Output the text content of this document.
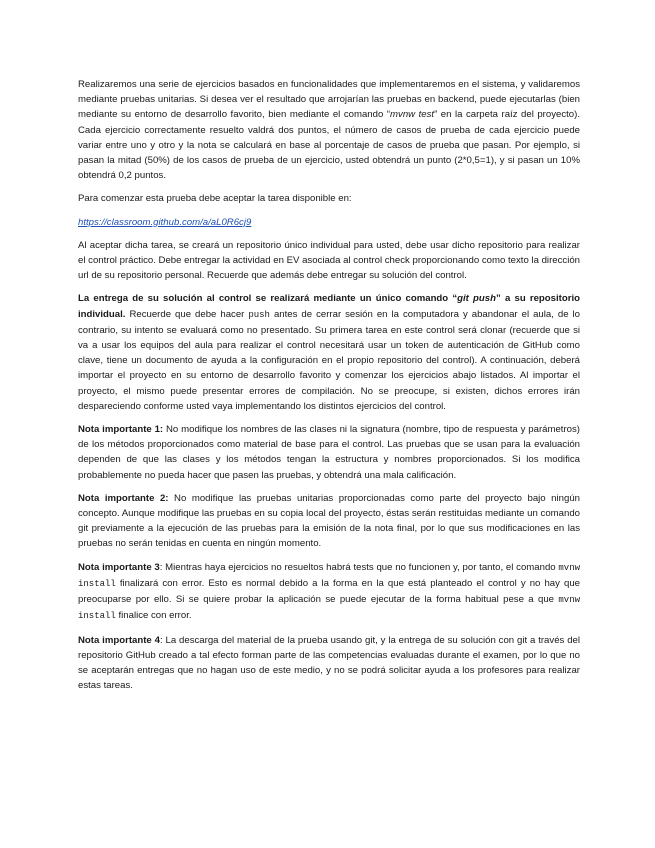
Realizaremos una serie de ejercicios basados en funcionalidades que implementaremos en el sistema, y validaremos mediante pruebas unitarias. Si desea ver el resultado que arrojarían las pruebas en backend, puede ejecutarlas (bien mediante su entorno de desarrollo favorito, bien mediante el comando “mvnw test” en la carpeta raíz del proyecto). Cada ejercicio correctamente resuelto valdrá dos puntos, el número de casos de prueba de cada ejercicio puede variar entre uno y otro y la nota se calculará en base al porcentaje de casos de prueba que pasan. Por ejemplo, si pasan la mitad (50%) de los casos de prueba de un ejercicio, usted obtendrá un punto (2*0,5=1), y si pasan un 10% obtendrá 0,2 puntos.

Para comenzar esta prueba debe aceptar la tarea disponible en:

https://classroom.github.com/a/aL0R6cj9

Al aceptar dicha tarea, se creará un repositorio único individual para usted, debe usar dicho repositorio para realizar el control práctico. Debe entregar la actividad en EV asociada al control check proporcionando como texto la dirección url de su repositorio personal. Recuerde que además debe entregar su solución del control.

La entrega de su solución al control se realizará mediante un único comando “git push” a su repositorio individual. Recuerde que debe hacer push antes de cerrar sesión en la computadora y abandonar el aula, de lo contrario, su intento se evaluará como no presentado. Su primera tarea en este control será clonar (recuerde que si va a usar los equipos del aula para realizar el control necesitará usar un token de autenticación de GitHub como clave, tiene un documento de ayuda a la configuración en el propio repositorio del control). A continuación, deberá importar el proyecto en su entorno de desarrollo favorito y comenzar los ejercicios abajo listados. Al importar el proyecto, el mismo puede presentar errores de compilación. No se preocupe, si existen, dichos errores irán despareciendo conforme usted vaya implementando los distintos ejercicios del control.

Nota importante 1: No modifique los nombres de las clases ni la signatura (nombre, tipo de respuesta y parámetros) de los métodos proporcionados como material de base para el control. Las pruebas que se usan para la evaluación dependen de que las clases y los métodos tengan la estructura y nombres proporcionados. Si los modifica probablemente no pueda hacer que pasen las pruebas, y obtendrá una mala calificación.

Nota importante 2: No modifique las pruebas unitarias proporcionadas como parte del proyecto bajo ningún concepto. Aunque modifique las pruebas en su copia local del proyecto, éstas serán restituidas mediante un comando git previamente a la ejecución de las pruebas para la emisión de la nota final, por lo que sus modificaciones en las pruebas no serán tenidas en cuenta en ningún momento.

Nota importante 3: Mientras haya ejercicios no resueltos habrá tests que no funcionen y, por tanto, el comando mvnw install finalizará con error. Esto es normal debido a la forma en la que está planteado el control y no hay que preocuparse por ello. Si se quiere probar la aplicación se puede ejecutar de la forma habitual pese a que mvnw install finalice con error.

Nota importante 4: La descarga del material de la prueba usando git, y la entrega de su solución con git a través del repositorio GitHub creado a tal efecto forman parte de las competencias evaluadas durante el examen, por lo que no se aceptarán entregas que no hagan uso de este medio, y no se podrá solicitar ayuda a los profesores para realizar estas tareas.
